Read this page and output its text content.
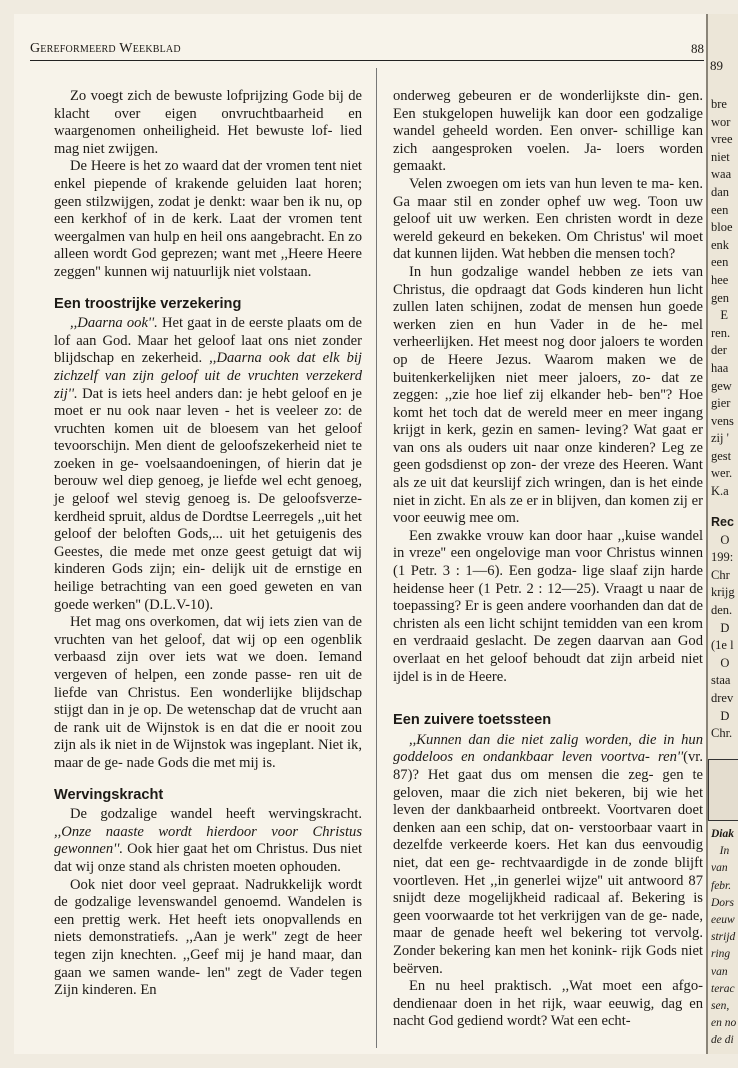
89
bre
wor
vree
niet
waa
dan
een
bloe
enk
een
hee
gen
E
ren.
der
haa
gew
gier
vens
zij '
gest
wer.
K.a
Rec
O
199:
Chr
krijg
den.
D
(1e l
O
staa
drev
D
Chr.
Diak
In
van
febr.
Dors
eeuw
strijd
ring
van
terac
sen,
en no
de di
Gereformeerd Weekblad	88

Zo voegt zich de bewuste lofprijzing Gode bij de klacht over eigen onvruchtbaarheid en waargenomen onheiligheid. Het bewuste lof- lied mag niet zwijgen.

De Heere is het zo waard dat der vromen tent niet enkel piepende of krakende geluiden laat horen; geen stilzwijgen, zodat je denkt: waar ben ik nu, op een kerkhof of in de kerk. Laat der vromen tent weergalmen van hulp en heil ons aangebracht. En zo alleen wordt God geprezen; want met ,,Heere Heere zeggen'' kunnen wij natuurlijk niet volstaan.

Een troostrijke verzekering

,,Daarna ook''. Het gaat in de eerste plaats om de lof aan God. Maar het geloof laat ons niet zonder blijdschap en zekerheid. ,,Daarna ook dat elk bij zichzelf van zijn geloof uit de vruchten verzekerd zij''. Dat is iets heel anders dan: je hebt geloof en je moet er nu ook naar leven - het is veeleer zo: de vruchten komen uit de bloesem van het geloof tevoorschijn. Men dient de geloofszekerheid niet te zoeken in ge- voelsaandoeningen, of hierin dat je berouw wel diep genoeg, je liefde wel echt genoeg, je geloof wel stevig genoeg is. De geloofsverze- kerdheid spruit, aldus de Dordtse Leerregels ,,uit het geloof der beloften Gods,... uit het getuigenis des Geestes, die mede met onze geest getuigt dat wij kinderen Gods zijn; ein- delijk uit de ernstige en heilige betrachting van een goed geweten en van goede werken'' (D.L.V-10).

Het mag ons overkomen, dat wij iets zien van de vruchten van het geloof, dat wij op een ogenblik verbaasd zijn over iets wat we doen. Iemand vergeven of helpen, een zonde passe- ren uit de liefde van Christus. Een wonderlijke blijdschap stijgt dan in je op. De wetenschap dat de vrucht aan de rank uit de Wijnstok is en dat die er nooit zou zijn als ik niet in de Wijnstok was ingeplant. Niet ik, maar de ge- nade Gods die met mij is.

Wervingskracht

De godzalige wandel heeft wervingskracht. ,,Onze naaste wordt hierdoor voor Christus gewonnen''. Ook hier gaat het om Christus. Dus niet dat wij onze stand als christen moeten ophouden.

Ook niet door veel gepraat. Nadrukkelijk wordt de godzalige levenswandel genoemd. Wandelen is een prettig werk. Het heeft iets onopvallends en niets demonstratiefs. ,,Aan je werk'' zegt de heer tegen zijn knechten. ,,Geef mij je hand maar, dan gaan we samen wande- len'' zegt de Vader tegen Zijn kinderen. En

onderweg gebeuren er de wonderlijkste din- gen. Een stukgelopen huwelijk kan door een godzalige wandel geheeld worden. Een onver- schillige kan zich aangesproken voelen. Ja- loers worden gemaakt.

Velen zwoegen om iets van hun leven te ma- ken. Ga maar stil en zonder ophef uw weg. Toon uw geloof uit uw werken. Een christen wordt in deze wereld gekeurd en bekeken. Om Christus' wil moet dat kunnen lijden. Wat hebben die mensen toch?

In hun godzalige wandel hebben ze iets van Christus, die opdraagt dat Gods kinderen hun licht zullen laten schijnen, zodat de mensen hun goede werken zien en hun Vader in de he- mel verheerlijken. Het meest nog door jaloers te worden op de Heere Jezus. Waarom maken we de buitenkerkelijken niet meer jaloers, zo- dat ze zeggen: ,,zie hoe lief zij elkander heb- ben''? Hoe komt het toch dat de wereld meer en meer ingang krijgt in kerk, gezin en samen- leving? Wat gaat er van ons als ouders uit naar onze kinderen? Leg ze geen godsdienst op zon- der vreze des Heeren. Want als ze uit dat keurslijf zich wringen, dan is het einde niet in zicht. En als ze er in blijven, dan komen zij er voor eeuwig mee om.

Een zwakke vrouw kan door haar ,,kuise wandel in vreze'' een ongelovige man voor Christus winnen (1 Petr. 3 : 1—6). Een godza- lige slaaf zijn harde heidense heer (1 Petr. 2 : 12—25). Vraagt u naar de toepassing? Er is geen andere voorhanden dan dat de christen als een licht schijnt temidden van een krom en verdraaid geslacht. De zegen daarvan aan God overlaat en het geloof behoudt dat zijn arbeid niet ijdel is in de Heere.

Een zuivere toetssteen

,,Kunnen dan die niet zalig worden, die in hun goddeloos en ondankbaar leven voortva- ren''(vr. 87)? Het gaat dus om mensen die zeg- gen te geloven, maar die zich niet bekeren, bij wie het leven der dankbaarheid ontbreekt. Voortvaren doet denken aan een schip, dat on- verstoorbaar vaart in dezelfde verkeerde koers. Het kan dus eenvoudig niet, dat een ge- rechtvaardigde in de zonde blijft voortleven. Het ,,in generlei wijze'' uit antwoord 87 snijdt deze mogelijkheid radicaal af. Bekering is geen voorwaarde tot het verkrijgen van de ge- nade, maar de genade heeft wel bekering tot vervolg. Zonder bekering kan men het konink- rijk Gods niet beërven.

En nu heel praktisch. ,,Wat moet een afgo- dendienaar doen in het rijk, waar eeuwig, dag en nacht God gediend wordt? Wat een echt-
